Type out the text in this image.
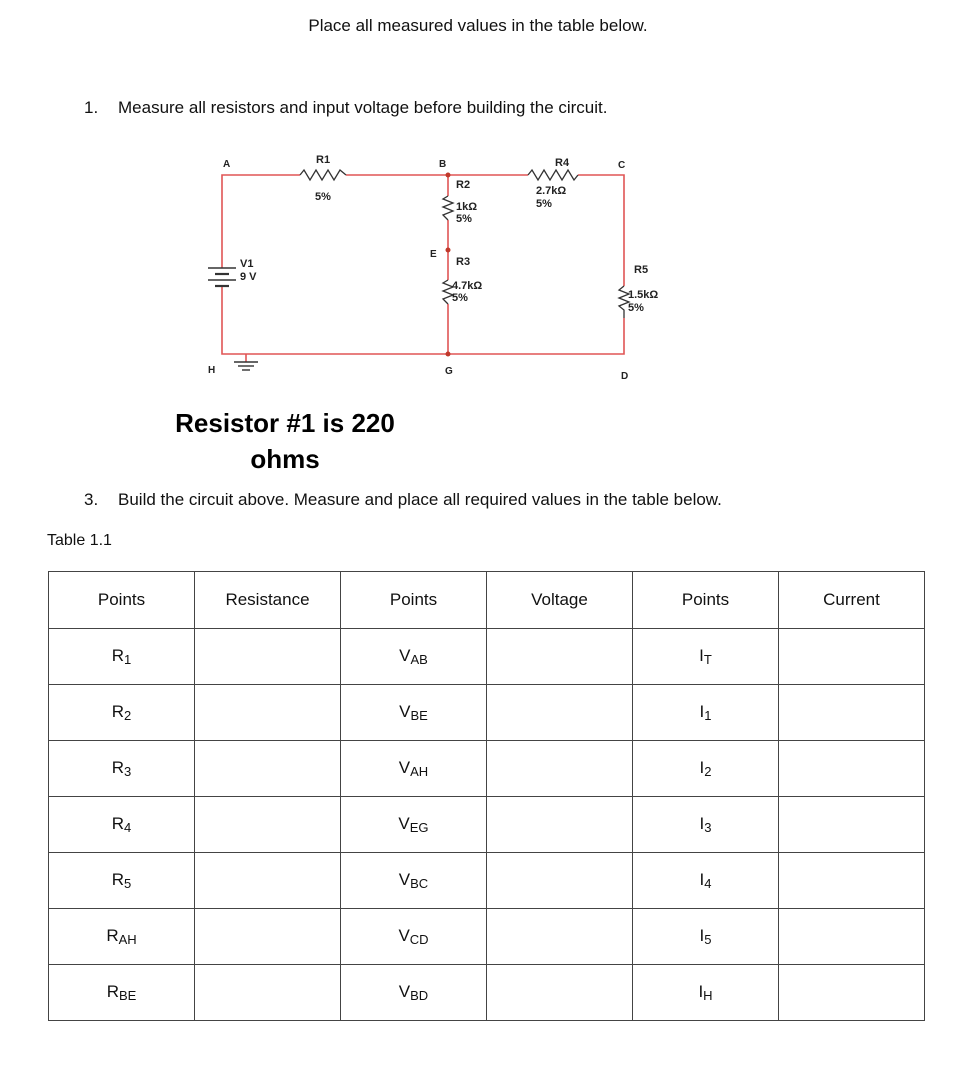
Place all measured values in the table below.
1. Measure all resistors and input voltage before building the circuit.
A	B	C
E
G	D
H
R1
5%
R2
1kΩ
5%
R3
4.7kΩ
5%
R4
2.7kΩ
5%
R5
1.5kΩ
5%
V1
9 V
Resistor #1 is 220
ohms
3. Build the circuit above. Measure and place all required values in the table below.
Table 1.1
Points	Resistance	Points	Voltage	Points	Current
$R_1$		$V_{AB}$		$I_T$	
$R_2$		$V_{BE}$		$I_1$	
$R_3$		$V_{AH}$		$I_2$	
$R_4$		$V_{EG}$		$I_3$	
$R_5$		$V_{BC}$		$I_4$	
$R_{AH}$		$V_{CD}$		$I_5$	
$R_{BE}$		$V_{BD}$		$I_H$	
